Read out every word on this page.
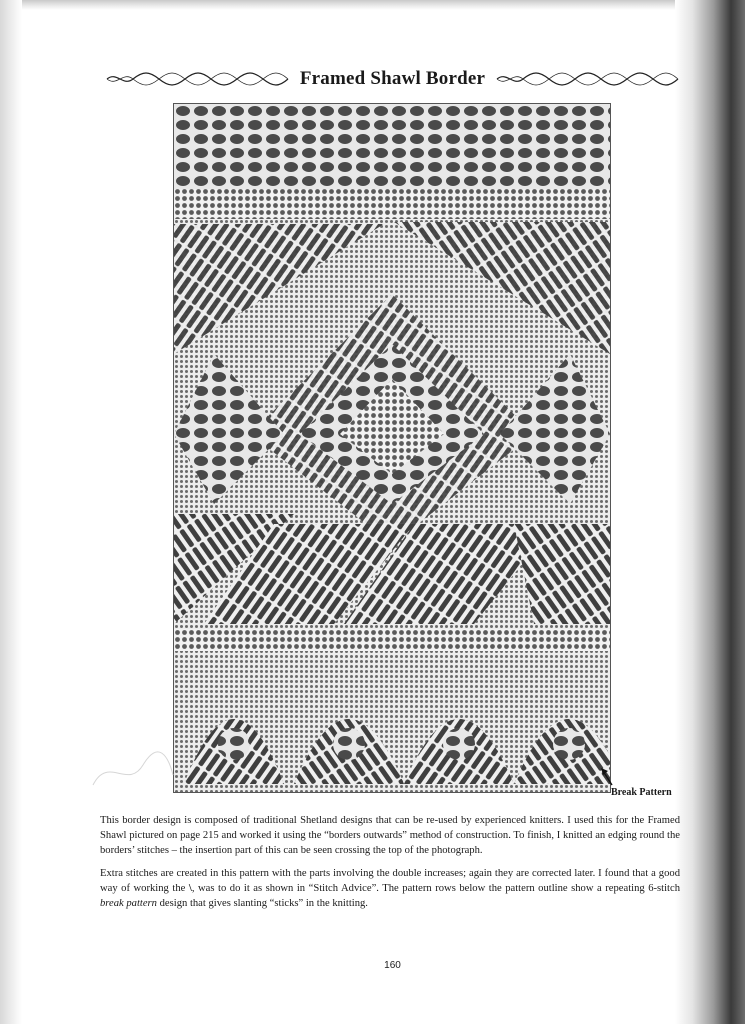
Framed Shawl Border
Break Pattern

This border design is composed of traditional Shetland designs that can be re-used by experienced knitters. I used this for the Framed Shawl pictured on page 215 and worked it using the “borders outwards” method of construction. To finish, I knitted an edging round the borders’ stitches – the insertion part of this can be seen crossing the top of the photograph.

Extra stitches are created in this pattern with the parts involving the double increases; again they are corrected later. I found that a good way of working the \, was to do it as shown in “Stitch Advice”. The pattern rows below the pattern outline show a repeating 6-stitch break pattern design that gives slanting “sticks” in the knitting.

160
